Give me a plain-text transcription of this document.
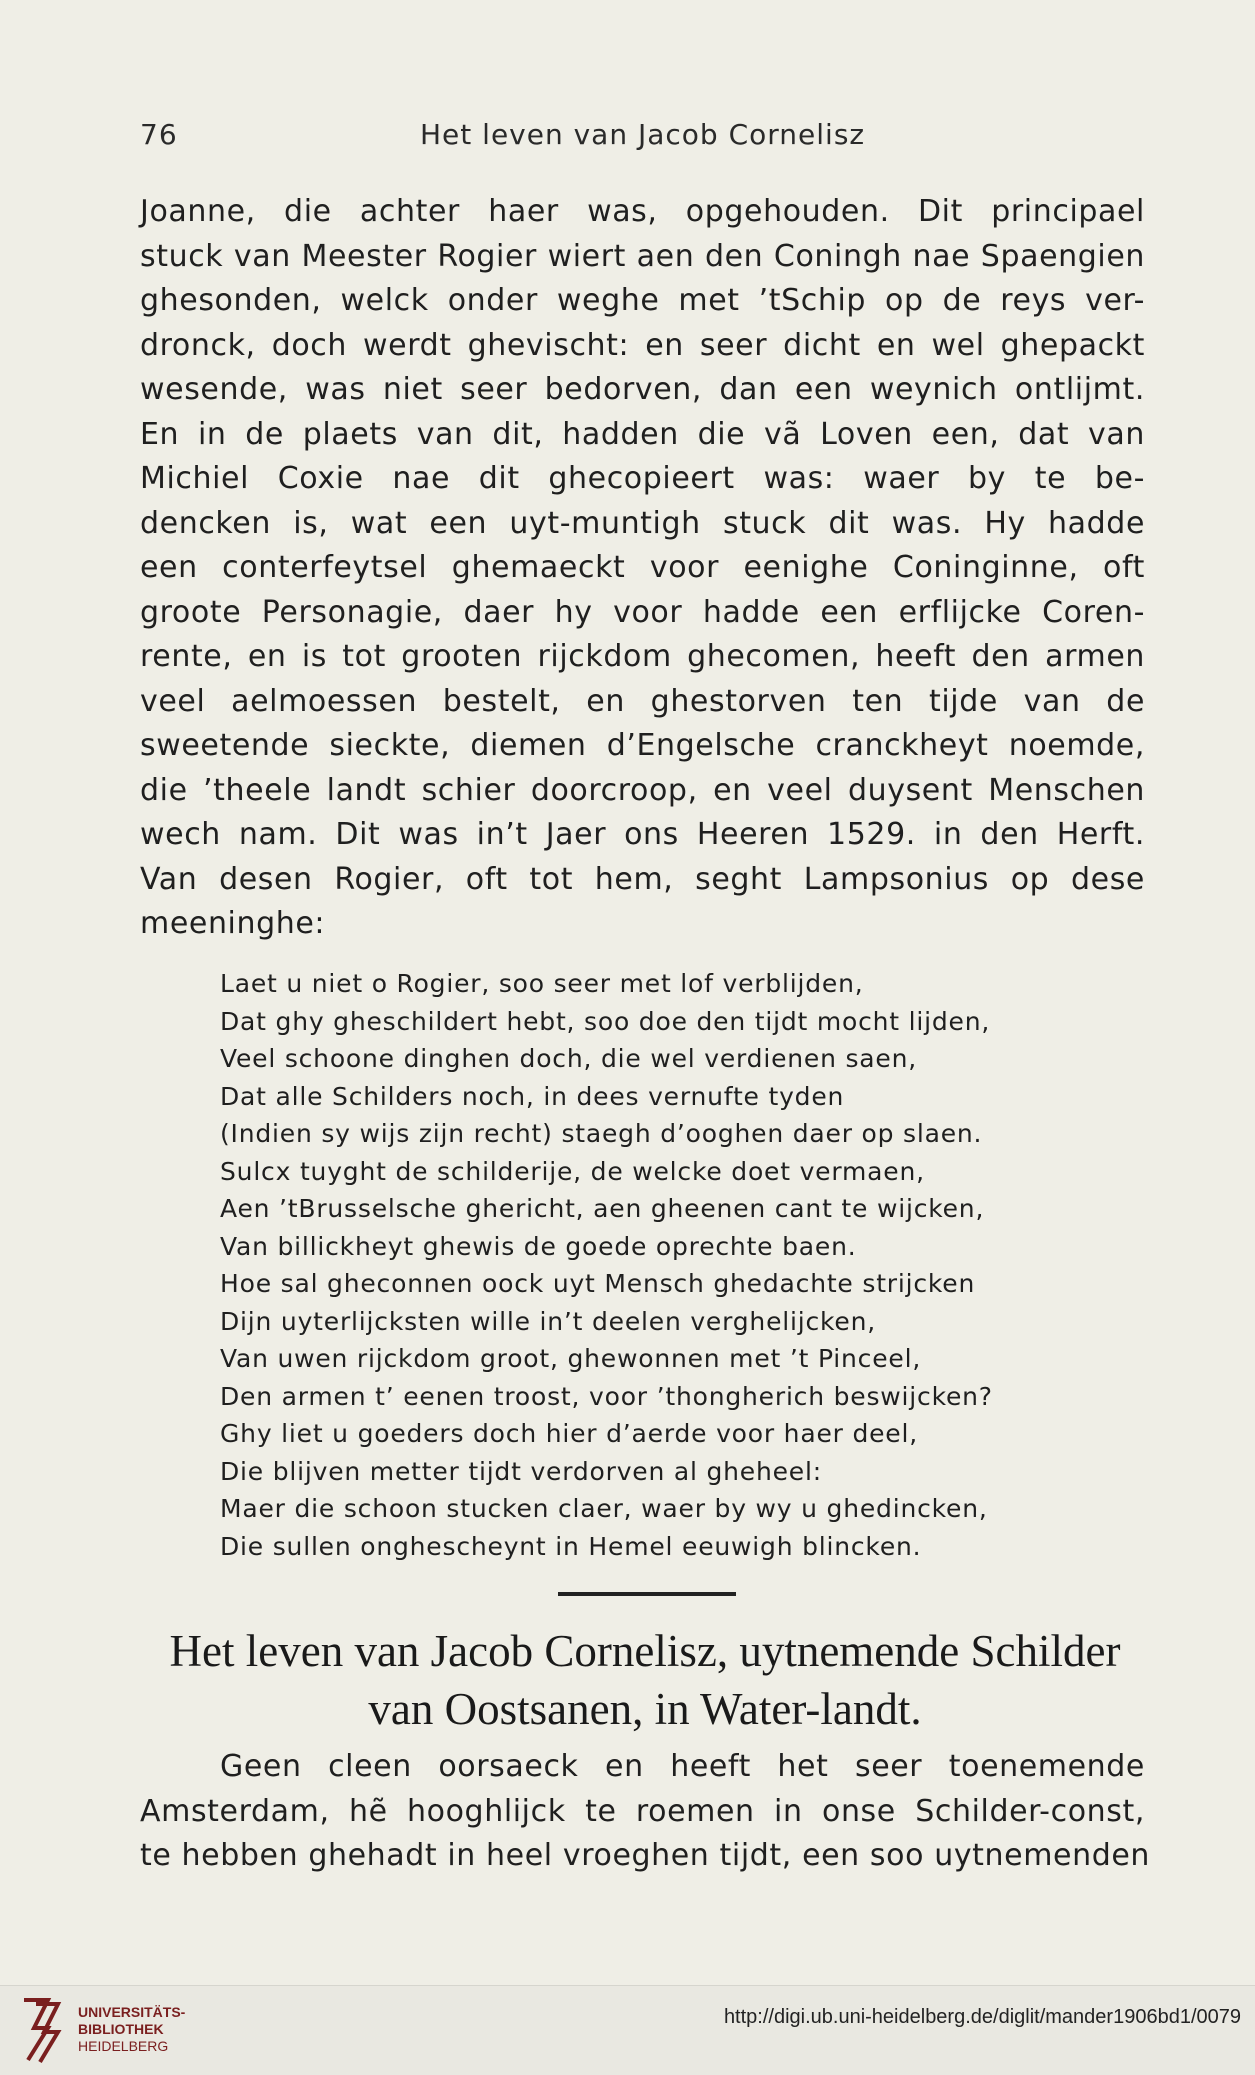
76	Het leven van Jacob Cornelisz
Joanne, die achter haer was, opgehouden. Dit principael
stuck van Meester Rogier wiert aen den Coningh nae Spaengien
ghesonden, welck onder weghe met ’tSchip op de reys ver-
dronck, doch werdt ghevischt: en seer dicht en wel ghepackt
wesende, was niet seer bedorven, dan een weynich ontlijmt.
En in de plaets van dit, hadden die vã Loven een, dat van
Michiel Coxie nae dit ghecopieert was: waer by te be-
dencken is, wat een uyt-muntigh stuck dit was. Hy hadde
een conterfeytsel ghemaeckt voor eenighe Coninginne, oft
groote Personagie, daer hy voor hadde een erflijcke Coren-
rente, en is tot grooten rijckdom ghecomen, heeft den armen
veel aelmoessen bestelt, en ghestorven ten tijde van de
sweetende sieckte, diemen d’Engelsche cranckheyt noemde,
die ’theele landt schier doorcroop, en veel duysent Menschen
wech nam. Dit was in’t Jaer ons Heeren 1529. in den Herft.
Van desen Rogier, oft tot hem, seght Lampsonius op dese
meeninghe:
Laet u niet o Rogier, soo seer met lof verblijden,
Dat ghy gheschildert hebt, soo doe den tijdt mocht lijden,
Veel schoone dinghen doch, die wel verdienen saen,
Dat alle Schilders noch, in dees vernufte tyden
(Indien sy wijs zijn recht) staegh d’ooghen daer op slaen.
Sulcx tuyght de schilderije, de welcke doet vermaen,
Aen ’tBrusselsche ghericht, aen gheenen cant te wijcken,
Van billickheyt ghewis de goede oprechte baen.
Hoe sal gheconnen oock uyt Mensch ghedachte strijcken
Dijn uyterlijcksten wille in’t deelen verghelijcken,
Van uwen rijckdom groot, ghewonnen met ’t Pinceel,
Den armen t’ eenen troost, voor ’thongherich beswijcken?
Ghy liet u goeders doch hier d’aerde voor haer deel,
Die blijven metter tijdt verdorven al gheheel:
Maer die schoon stucken claer, waer by wy u ghedincken,
Die sullen onghescheynt in Hemel eeuwigh blincken.
Het leven van Jacob Cornelisz, uytnemende Schilder
van Oostsanen, in Water-landt.
Geen cleen oorsaeck en heeft het seer toenemende
Amsterdam, hẽ hooghlijck te roemen in onse Schilder-const,
te hebben ghehadt in heel vroeghen tijdt, een soo uytnemenden
UNIVERSITÄTS-
BIBLIOTHEK
HEIDELBERG
http://digi.ub.uni-heidelberg.de/diglit/mander1906bd1/0079
